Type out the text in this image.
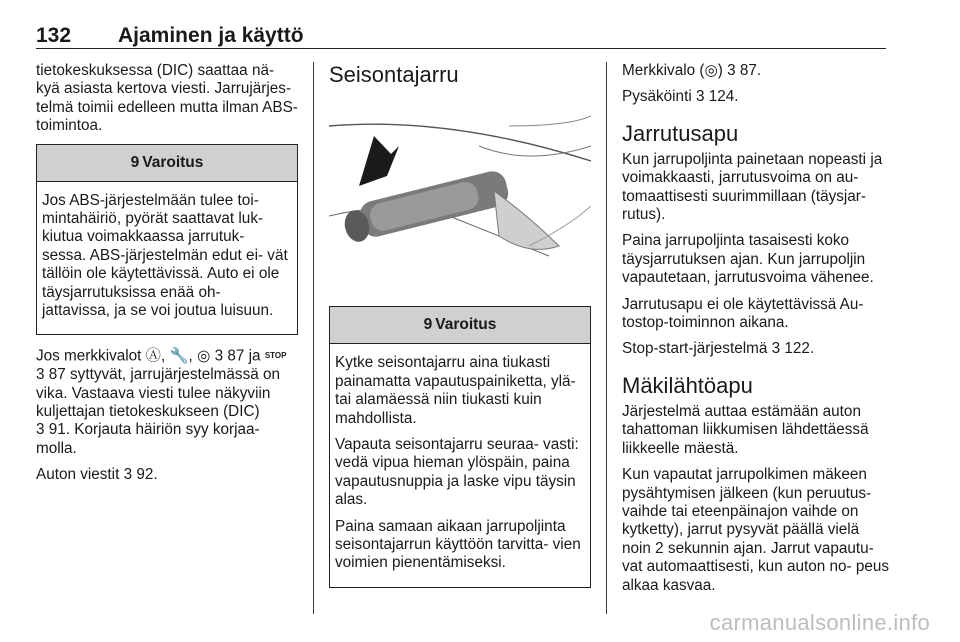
132 Ajaminen ja käyttö

tietokeskuksessa (DIC) saattaa nä- kyä asiasta kertova viesti. Jarrujärjes- telmä toimii edelleen mutta ilman ABS-toimintoa.

9 Varoitus

Jos ABS-järjestelmään tulee toi- mintahäiriö, pyörät saattavat luk- kiutua voimakkaassa jarrutuk- sessa. ABS-järjestelmän edut ei- vät tällöin ole käytettävissä. Auto ei ole täysjarrutuksissa enää oh- jattavissa, ja se voi joutua luisuun.

Jos merkkivalot Ⓐ, 🔧, ◎ 3 87 ja STOP 3 87 syttyvät, jarrujärjestelmässä on vika. Vastaava viesti tulee näkyviin kuljettajan tietokeskukseen (DIC)
3 91. Korjauta häiriön syy korjaa- molla.

Auton viestit 3 92.

Seisontajarru
9 Varoitus

Kytke seisontajarru aina tiukasti painamatta vapautuspainiketta, ylä- tai alamäessä niin tiukasti kuin mahdollista.

Vapauta seisontajarru seuraa- vasti: vedä vipua hieman ylöspäin, paina vapautusnuppia ja laske vipu täysin alas.

Paina samaan aikaan jarrupoljinta seisontajarrun käyttöön tarvitta- vien voimien pienentämiseksi.

Merkkivalo (◎) 3 87.

Pysäköinti 3 124.

Jarrutusapu

Kun jarrupoljinta painetaan nopeasti ja voimakkaasti, jarrutusvoima on au- tomaattisesti suurimmillaan (täysjar- rutus).

Paina jarrupoljinta tasaisesti koko täysjarrutuksen ajan. Kun jarrupoljin vapautetaan, jarrutusvoima vähenee.

Jarrutusapu ei ole käytettävissä Au- tostop-toiminnon aikana.

Stop-start-järjestelmä 3 122.

Mäkilähtöapu

Järjestelmä auttaa estämään auton tahattoman liikkumisen lähdettäessä liikkeelle mäestä.

Kun vapautat jarrupolkimen mäkeen pysähtymisen jälkeen (kun peruutus- vaihde tai eteenpäinajon vaihde on kytketty), jarrut pysyvät päällä vielä noin 2 sekunnin ajan. Jarrut vapautu- vat automaattisesti, kun auton no- peus alkaa kasvaa.

carmanualsonline.info
